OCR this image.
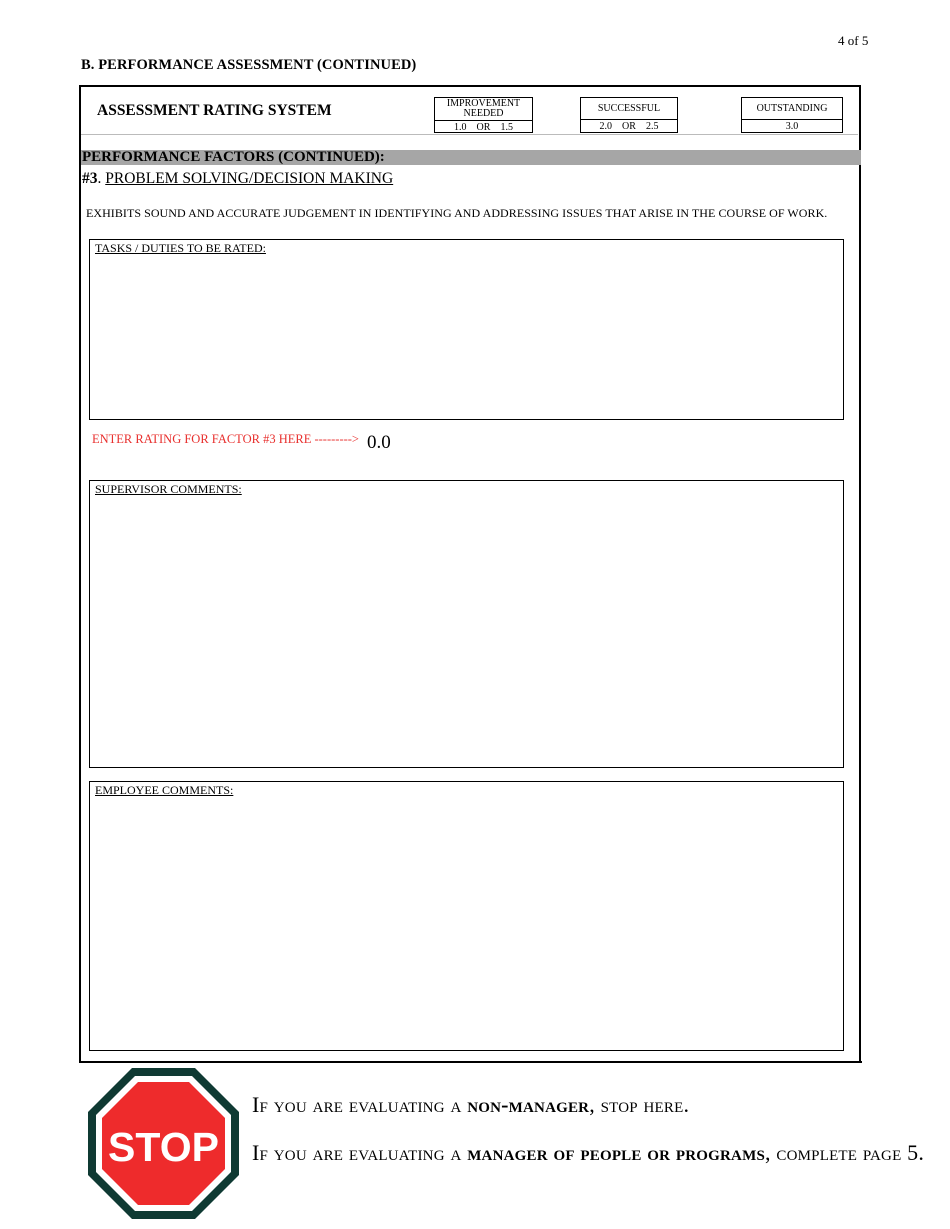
4 of 5
B. PERFORMANCE ASSESSMENT (CONTINUED)
ASSESSMENT RATING SYSTEM	IMPROVEMENT NEEDED
1.0    OR    1.5
SUCCESSFUL
2.0    OR    2.5
OUTSTANDING
3.0
PERFORMANCE FACTORS (CONTINUED):
#3. PROBLEM SOLVING/DECISION MAKING
EXHIBITS SOUND AND ACCURATE JUDGEMENT IN IDENTIFYING AND ADDRESSING ISSUES THAT ARISE IN THE COURSE OF WORK.
TASKS / DUTIES TO BE RATED:
ENTER RATING FOR FACTOR #3 HERE ---------> 0.0
SUPERVISOR COMMENTS:
EMPLOYEE COMMENTS:
STOP

If you are evaluating a non-manager, stop here.

If you are evaluating a manager of people or programs, complete page 5.
